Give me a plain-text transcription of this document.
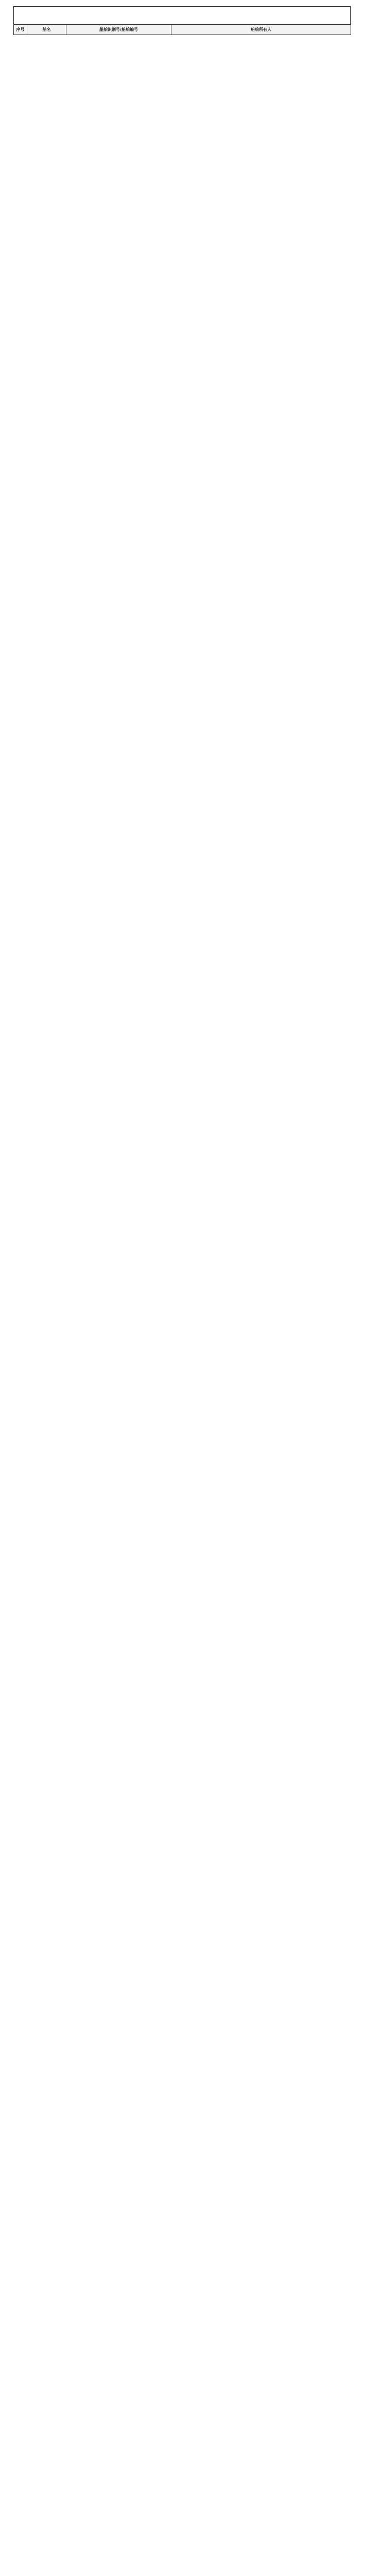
序号	船名	船舶识别号/船舶编号	船舶所有人
